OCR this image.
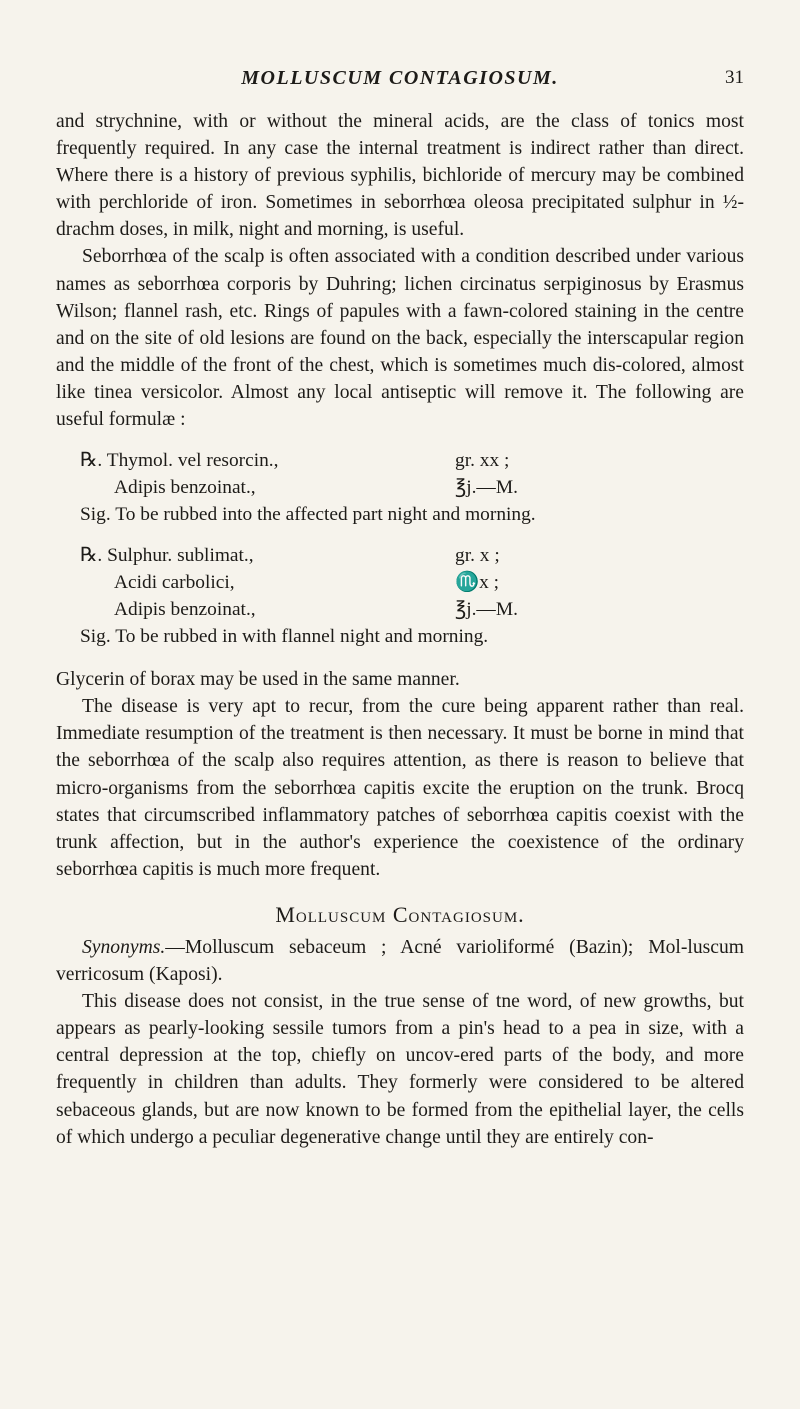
MOLLUSCUM CONTAGIOSUM.	31

and strychnine, with or without the mineral acids, are the class of tonics most frequently required. In any case the internal treatment is indirect rather than direct. Where there is a history of previous syphilis, bichloride of mercury may be combined with perchloride of iron. Sometimes in seborrhœa oleosa precipitated sulphur in ½-drachm doses, in milk, night and morning, is useful.

Seborrhœa of the scalp is often associated with a condition described under various names as seborrhœa corporis by Duhring; lichen circinatus serpiginosus by Erasmus Wilson; flannel rash, etc. Rings of papules with a fawn-colored staining in the centre and on the site of old lesions are found on the back, especially the interscapular region and the middle of the front of the chest, which is sometimes much dis-colored, almost like tinea versicolor. Almost any local antiseptic will remove it. The following are useful formulæ :

℞. Thymol. vel resorcin.,	gr. xx ;
Adipis benzoinat.,	℥j.—M.
Sig. To be rubbed into the affected part night and morning.
℞. Sulphur. sublimat.,	gr. x ;
Acidi carbolici,	♏x ;
Adipis benzoinat.,	℥j.—M.
Sig. To be rubbed in with flannel night and morning.

Glycerin of borax may be used in the same manner.

The disease is very apt to recur, from the cure being apparent rather than real. Immediate resumption of the treatment is then necessary. It must be borne in mind that the seborrhœa of the scalp also requires attention, as there is reason to believe that micro-organisms from the seborrhœa capitis excite the eruption on the trunk. Brocq states that circumscribed inflammatory patches of seborrhœa capitis coexist with the trunk affection, but in the author's experience the coexistence of the ordinary seborrhœa capitis is much more frequent.

Molluscum Contagiosum.

Synonyms.—Molluscum sebaceum ; Acné varioliformé (Bazin); Mol-luscum verricosum (Kaposi).

This disease does not consist, in the true sense of tne word, of new growths, but appears as pearly-looking sessile tumors from a pin's head to a pea in size, with a central depression at the top, chiefly on uncov-ered parts of the body, and more frequently in children than adults. They formerly were considered to be altered sebaceous glands, but are now known to be formed from the epithelial layer, the cells of which undergo a peculiar degenerative change until they are entirely con-
